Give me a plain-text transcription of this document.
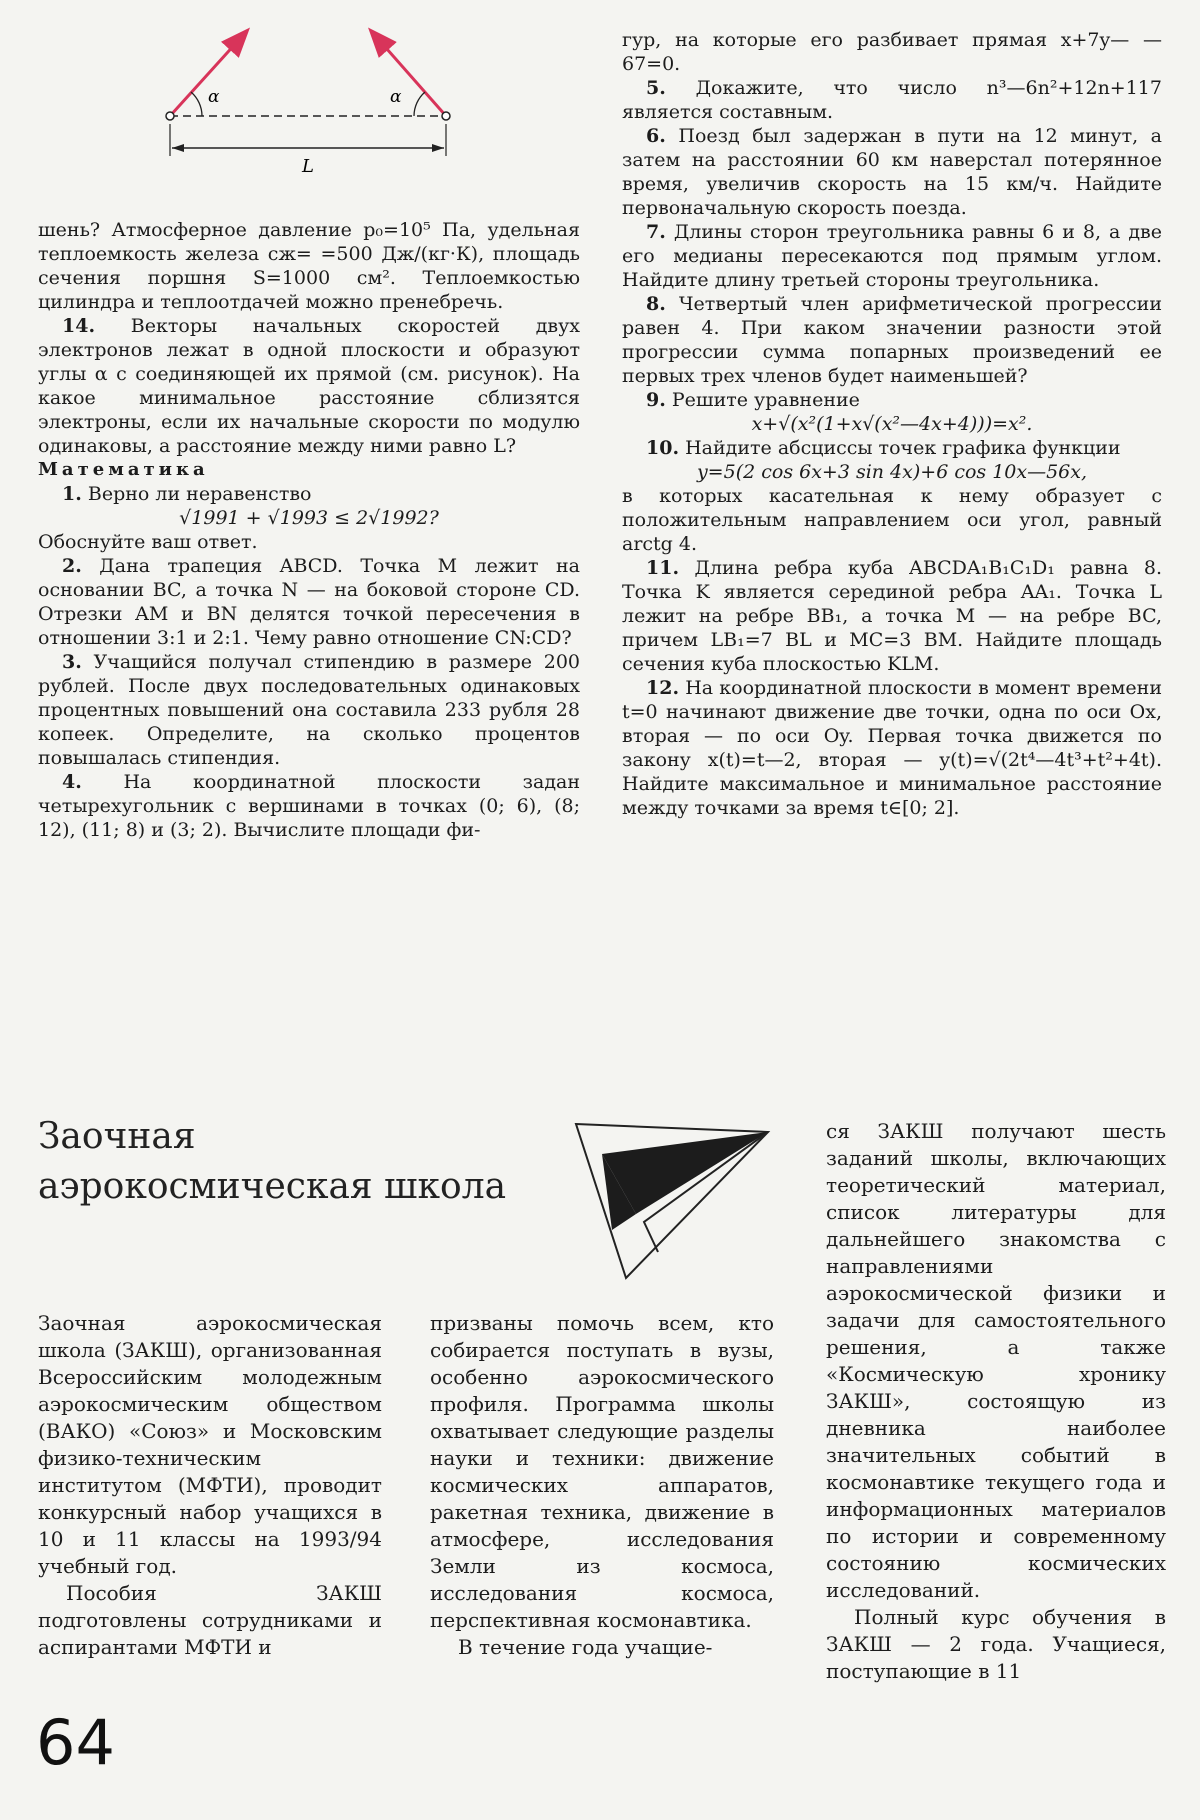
α	α
L

шень? Атмосферное давление p₀=10⁵ Па, удельная теплоемкость железа cж= =500 Дж/(кг·К), площадь сечения поршня S=1000 см². Теплоемкостью цилиндра и теплоотдачей можно пренебречь.

14. Векторы начальных скоростей двух электронов лежат в одной плоскости и образуют углы α с соединяющей их прямой (см. рисунок). На какое минимальное расстояние сблизятся электроны, если их начальные скорости по модулю одинаковы, а расстояние между ними равно L?

Математика

1. Верно ли неравенство

√1991 + √1993 ≤ 2√1992?

Обоснуйте ваш ответ.

2. Дана трапеция ABCD. Точка M лежит на основании BC, а точка N — на боковой стороне CD. Отрезки AM и BN делятся точкой пересечения в отношении 3:1 и 2:1. Чему равно отношение CN:CD?

3. Учащийся получал стипендию в размере 200 рублей. После двух последовательных одинаковых процентных повышений она составила 233 рубля 28 копеек. Определите, на сколько процентов повышалась стипендия.

4. На координатной плоскости задан четырехугольник с вершинами в точках (0; 6), (8; 12), (11; 8) и (3; 2). Вычислите площади фи-

гур, на которые его разбивает прямая x+7y— —67=0.

5. Докажите, что число n³—6n²+12n+117 является составным.

6. Поезд был задержан в пути на 12 минут, а затем на расстоянии 60 км наверстал потерянное время, увеличив скорость на 15 км/ч. Найдите первоначальную скорость поезда.

7. Длины сторон треугольника равны 6 и 8, а две его медианы пересекаются под прямым углом. Найдите длину третьей стороны треугольника.

8. Четвертый член арифметической прогрессии равен 4. При каком значении разности этой прогрессии сумма попарных произведений ее первых трех членов будет наименьшей?

9. Решите уравнение

x+√(x²(1+x√(x²—4x+4)))=x².

10. Найдите абсциссы точек графика функции

y=5(2 cos 6x+3 sin 4x)+6 cos 10x—56x,

в которых касательная к нему образует с положительным направлением оси угол, равный arctg 4.

11. Длина ребра куба ABCDA₁B₁C₁D₁ равна 8. Точка K является серединой ребра AA₁. Точка L лежит на ребре BB₁, а точка M — на ребре BC, причем LB₁=7 BL и MC=3 BM. Найдите площадь сечения куба плоскостью KLM.

12. На координатной плоскости в момент времени t=0 начинают движение две точки, одна по оси Ox, вторая — по оси Oy. Первая точка движется по закону x(t)=t—2, вторая — y(t)=√(2t⁴—4t³+t²+4t). Найдите максимальное и минимальное расстояние между точками за время t∈[0; 2].

Заочная
аэрокосмическая школа

Заочная аэрокосмическая школа (ЗАКШ), организованная Всероссийским молодежным аэрокосмическим обществом (ВАКО) «Союз» и Московским физико-техническим институтом (МФТИ), проводит конкурсный набор учащихся в 10 и 11 классы на 1993/94 учебный год.

Пособия ЗАКШ подготовлены сотрудниками и аспирантами МФТИ и

призваны помочь всем, кто собирается поступать в вузы, особенно аэрокосмического профиля. Программа школы охватывает следующие разделы науки и техники: движение космических аппаратов, ракетная техника, движение в атмосфере, исследования Земли из космоса, исследования космоса, перспективная космонавтика.

В течение года учащие-

ся ЗАКШ получают шесть заданий школы, включающих теоретический материал, список литературы для дальнейшего знакомства с направлениями аэрокосмической физики и задачи для самостоятельного решения, а также «Космическую хронику ЗАКШ», состоящую из дневника наиболее значительных событий в космонавтике текущего года и информационных материалов по истории и современному состоянию космических исследований.

Полный курс обучения в ЗАКШ — 2 года. Учащиеся, поступающие в 11

64
